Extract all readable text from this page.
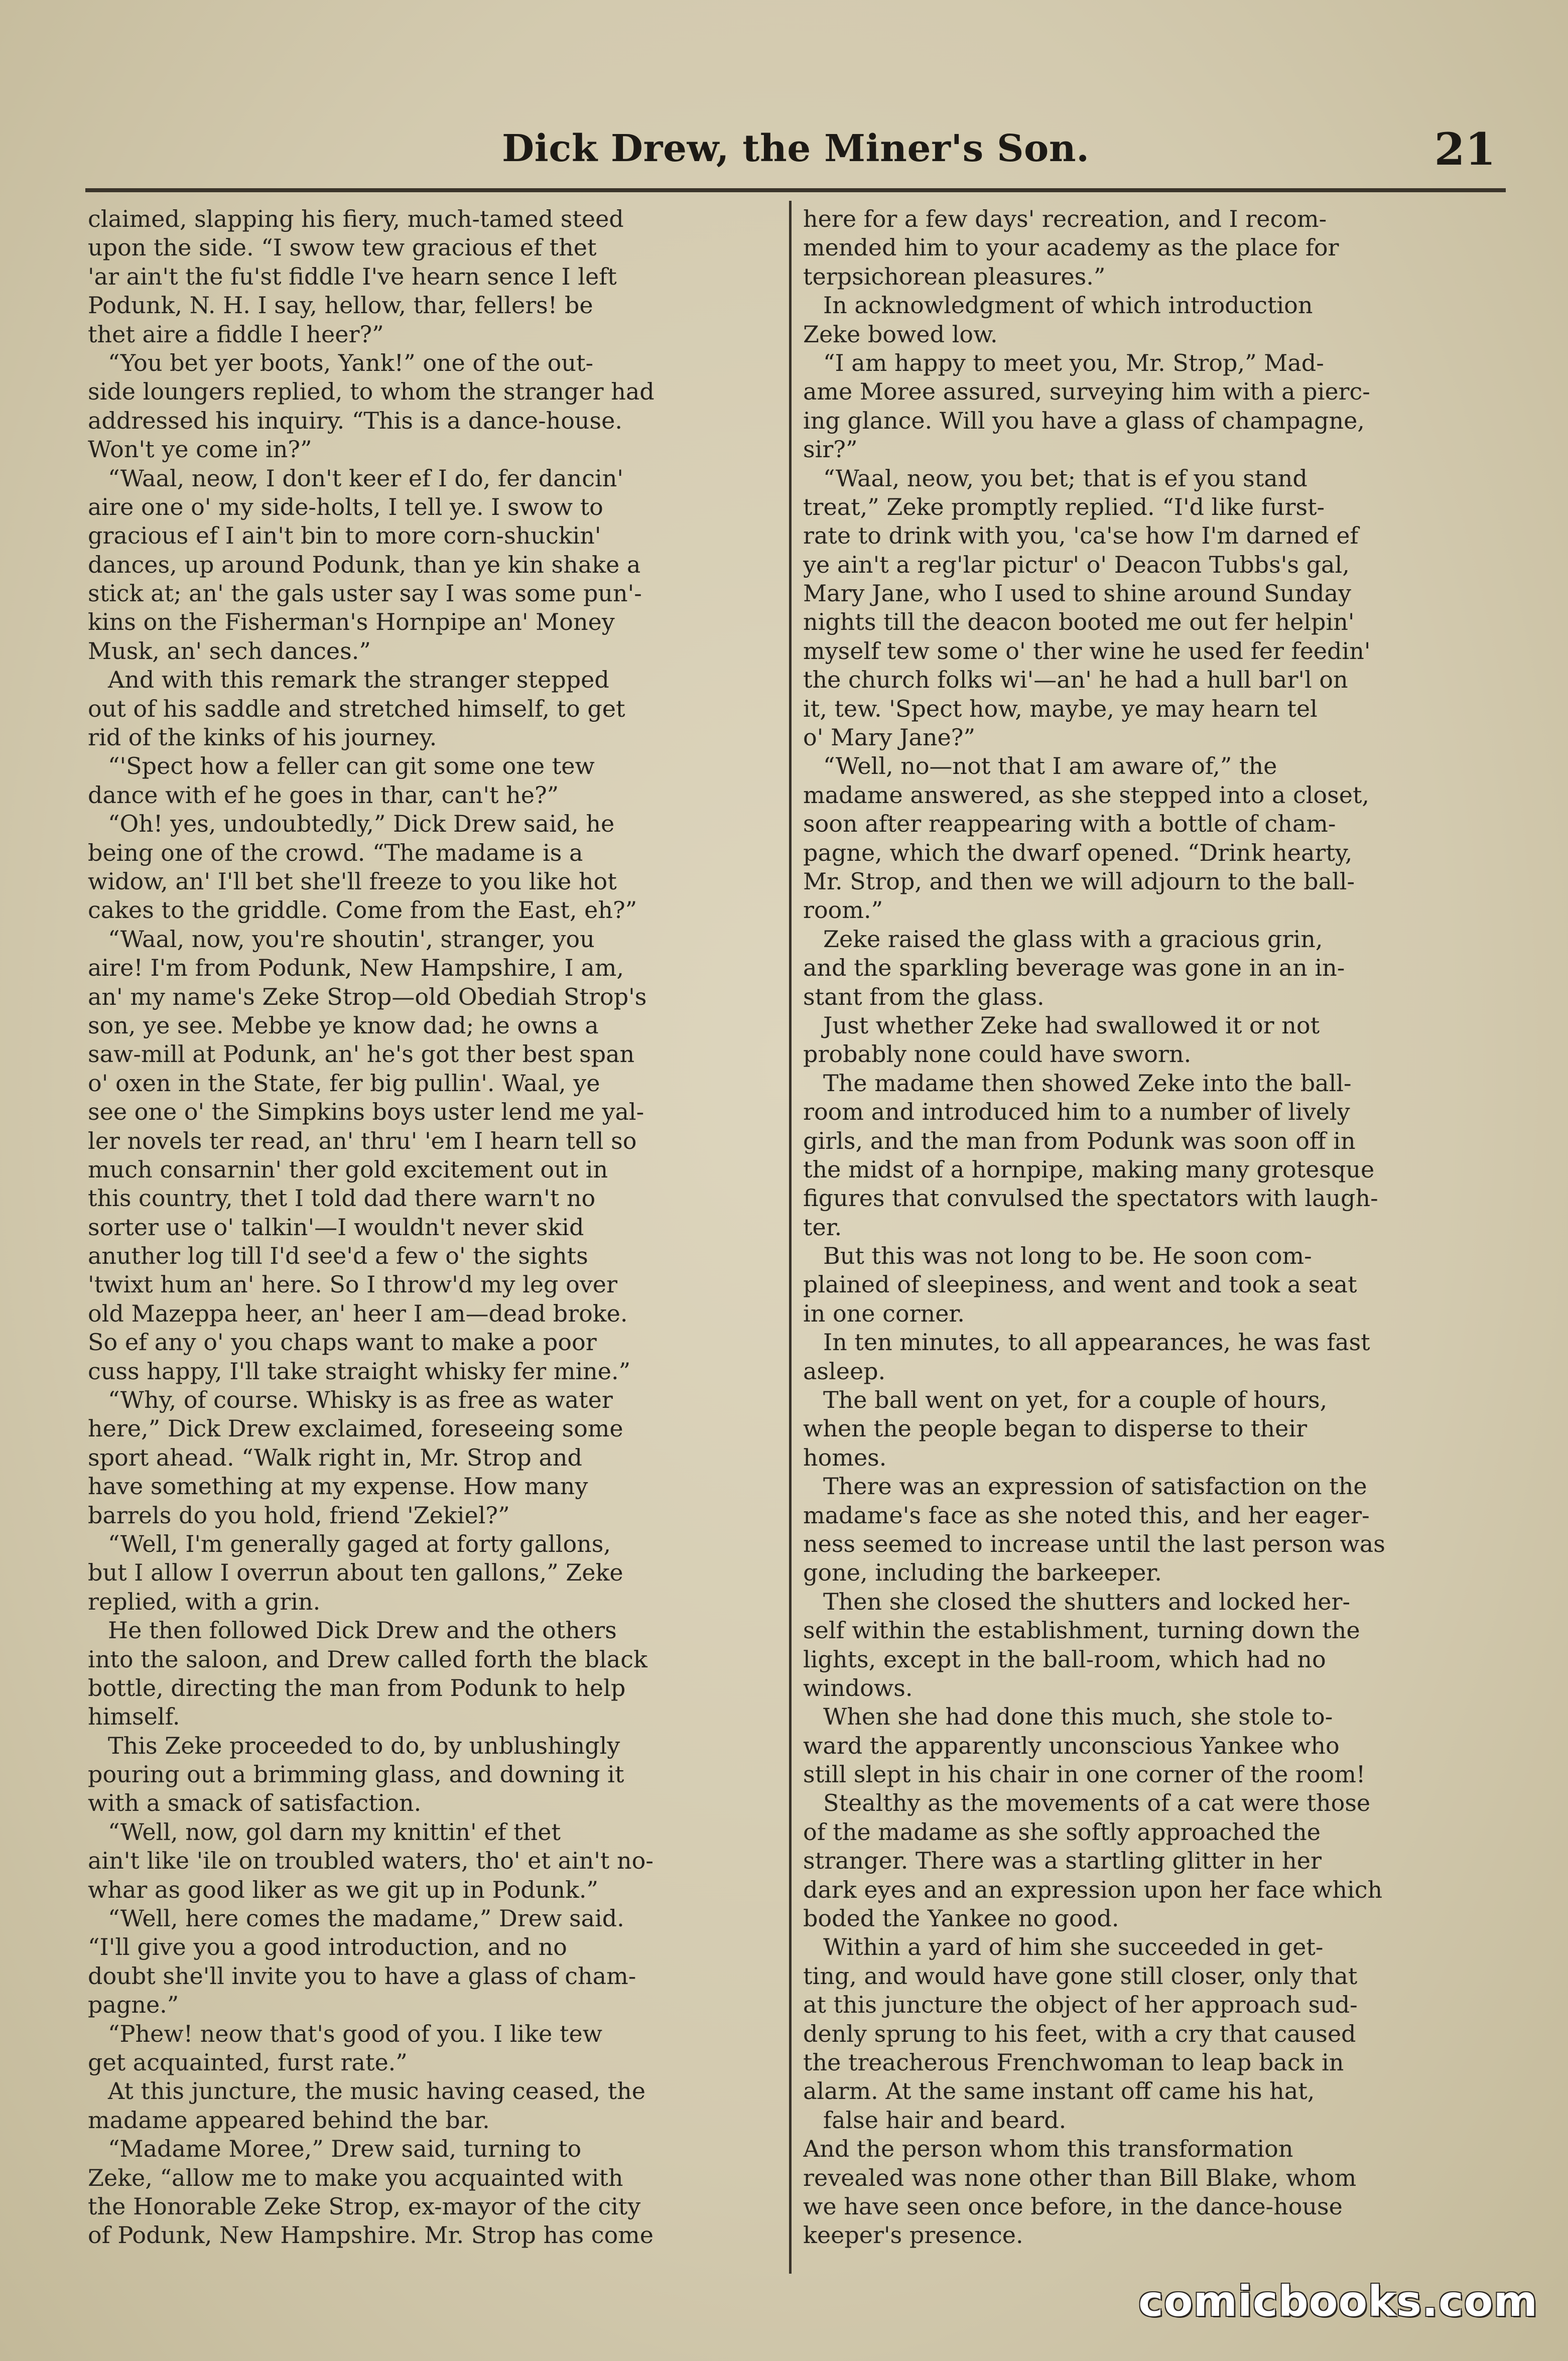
Dick Drew, the Miner's Son.	21
claimed, slapping his fiery, much-tamed steed
upon the side. “I swow tew gracious ef thet
'ar ain't the fu'st fiddle I've hearn sence I left
Podunk, N. H. I say, hellow, thar, fellers! be
thet aire a fiddle I heer?”
“You bet yer boots, Yank!” one of the out-
side loungers replied, to whom the stranger had
addressed his inquiry. “This is a dance-house.
Won't ye come in?”
“Waal, neow, I don't keer ef I do, fer dancin'
aire one o' my side-holts, I tell ye. I swow to
gracious ef I ain't bin to more corn-shuckin'
dances, up around Podunk, than ye kin shake a
stick at; an' the gals uster say I was some pun'-
kins on the Fisherman's Hornpipe an' Money
Musk, an' sech dances.”
And with this remark the stranger stepped
out of his saddle and stretched himself, to get
rid of the kinks of his journey.
“'Spect how a feller can git some one tew
dance with ef he goes in thar, can't he?”
“Oh! yes, undoubtedly,” Dick Drew said, he
being one of the crowd. “The madame is a
widow, an' I'll bet she'll freeze to you like hot
cakes to the griddle. Come from the East, eh?”
“Waal, now, you're shoutin', stranger, you
aire! I'm from Podunk, New Hampshire, I am,
an' my name's Zeke Strop—old Obediah Strop's
son, ye see. Mebbe ye know dad; he owns a
saw-mill at Podunk, an' he's got ther best span
o' oxen in the State, fer big pullin'. Waal, ye
see one o' the Simpkins boys uster lend me yal-
ler novels ter read, an' thru' 'em I hearn tell so
much consarnin' ther gold excitement out in
this country, thet I told dad there warn't no
sorter use o' talkin'—I wouldn't never skid
anuther log till I'd see'd a few o' the sights
'twixt hum an' here. So I throw'd my leg over
old Mazeppa heer, an' heer I am—dead broke.
So ef any o' you chaps want to make a poor
cuss happy, I'll take straight whisky fer mine.”
“Why, of course. Whisky is as free as water
here,” Dick Drew exclaimed, foreseeing some
sport ahead. “Walk right in, Mr. Strop and
have something at my expense. How many
barrels do you hold, friend 'Zekiel?”
“Well, I'm generally gaged at forty gallons,
but I allow I overrun about ten gallons,” Zeke
replied, with a grin.
He then followed Dick Drew and the others
into the saloon, and Drew called forth the black
bottle, directing the man from Podunk to help
himself.
This Zeke proceeded to do, by unblushingly
pouring out a brimming glass, and downing it
with a smack of satisfaction.
“Well, now, gol darn my knittin' ef thet
ain't like 'ile on troubled waters, tho' et ain't no-
whar as good liker as we git up in Podunk.”
“Well, here comes the madame,” Drew said.
“I'll give you a good introduction, and no
doubt she'll invite you to have a glass of cham-
pagne.”
“Phew! neow that's good of you. I like tew
get acquainted, furst rate.”
At this juncture, the music having ceased, the
madame appeared behind the bar.
“Madame Moree,” Drew said, turning to
Zeke, “allow me to make you acquainted with
the Honorable Zeke Strop, ex-mayor of the city
of Podunk, New Hampshire. Mr. Strop has come
here for a few days' recreation, and I recom-
mended him to your academy as the place for
terpsichorean pleasures.”
In acknowledgment of which introduction
Zeke bowed low.
“I am happy to meet you, Mr. Strop,” Mad-
ame Moree assured, surveying him with a pierc-
ing glance. Will you have a glass of champagne,
sir?”
“Waal, neow, you bet; that is ef you stand
treat,” Zeke promptly replied. “I'd like furst-
rate to drink with you, 'ca'se how I'm darned ef
ye ain't a reg'lar pictur' o' Deacon Tubbs's gal,
Mary Jane, who I used to shine around Sunday
nights till the deacon booted me out fer helpin'
myself tew some o' ther wine he used fer feedin'
the church folks wi'—an' he had a hull bar'l on
it, tew. 'Spect how, maybe, ye may hearn tel
o' Mary Jane?”
“Well, no—not that I am aware of,” the
madame answered, as she stepped into a closet,
soon after reappearing with a bottle of cham-
pagne, which the dwarf opened. “Drink hearty,
Mr. Strop, and then we will adjourn to the ball-
room.”
Zeke raised the glass with a gracious grin,
and the sparkling beverage was gone in an in-
stant from the glass.
Just whether Zeke had swallowed it or not
probably none could have sworn.
The madame then showed Zeke into the ball-
room and introduced him to a number of lively
girls, and the man from Podunk was soon off in
the midst of a hornpipe, making many grotesque
figures that convulsed the spectators with laugh-
ter.
But this was not long to be. He soon com-
plained of sleepiness, and went and took a seat
in one corner.
In ten minutes, to all appearances, he was fast
asleep.
The ball went on yet, for a couple of hours,
when the people began to disperse to their
homes.
There was an expression of satisfaction on the
madame's face as she noted this, and her eager-
ness seemed to increase until the last person was
gone, including the barkeeper.
Then she closed the shutters and locked her-
self within the establishment, turning down the
lights, except in the ball-room, which had no
windows.
When she had done this much, she stole to-
ward the apparently unconscious Yankee who
still slept in his chair in one corner of the room!
Stealthy as the movements of a cat were those
of the madame as she softly approached the
stranger. There was a startling glitter in her
dark eyes and an expression upon her face which
boded the Yankee no good.
Within a yard of him she succeeded in get-
ting, and would have gone still closer, only that
at this juncture the object of her approach sud-
denly sprung to his feet, with a cry that caused
the treacherous Frenchwoman to leap back in
alarm. At the same instant off came his hat,
false hair and beard.
And the person whom this transformation
revealed was none other than Bill Blake, whom
we have seen once before, in the dance-house
keeper's presence.
comicbooks.com
